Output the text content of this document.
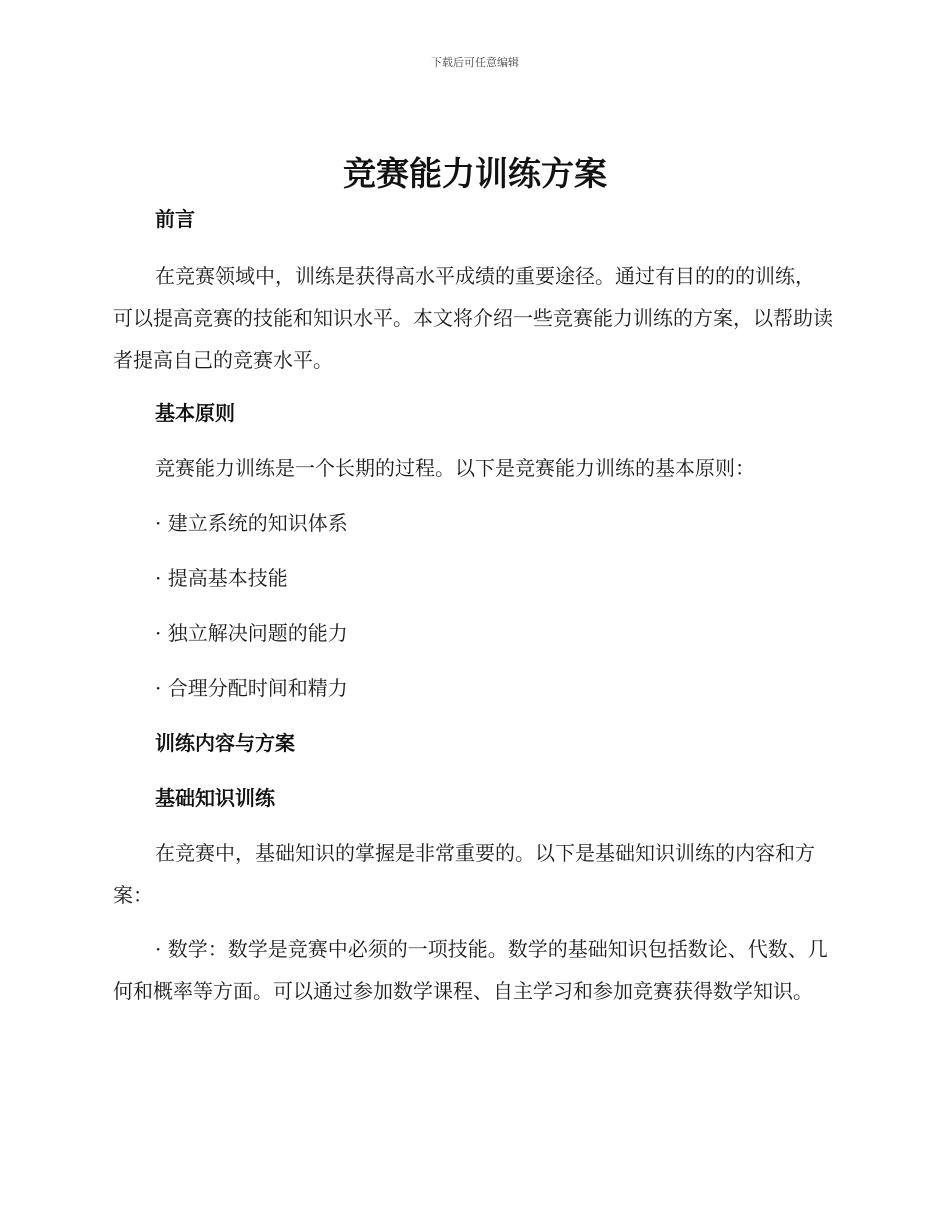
下载后可任意编辑
竞赛能力训练方案
前言

在竞赛领域中，训练是获得高水平成绩的重要途径。通过有目的的的训练，可以提高竞赛的技能和知识水平。本文将介绍一些竞赛能力训练的方案，以帮助读者提高自己的竞赛水平。

基本原则

竞赛能力训练是一个长期的过程。以下是竞赛能力训练的基本原则：

· 建立系统的知识体系

· 提高基本技能

· 独立解决问题的能力

· 合理分配时间和精力

训练内容与方案
基础知识训练

在竞赛中，基础知识的掌握是非常重要的。以下是基础知识训练的内容和方案：

· 数学：数学是竞赛中必须的一项技能。数学的基础知识包括数论、代数、几何和概率等方面。可以通过参加数学课程、自主学习和参加竞赛获得数学知识。
